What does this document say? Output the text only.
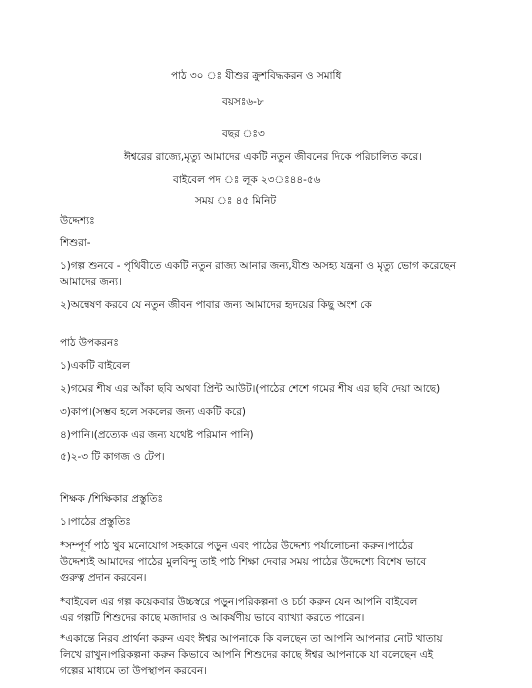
পাঠ ৩০ ◌ঃ যীশুর ক্রুশবিদ্ধকরন ও সমাধি
বয়সঃ৬-৮
বছর ঃ৩
ঈশ্বরের রাজ্যে,মৃত্যু আমাদের একটি নতুন জীবনের দিকে পরিচালিত করে।
বাইবেল পদ ◌ঃ লূক ২৩◌ঃ৪৪-৫৬
সময় ◌ঃ ৪৫ মিনিট
উদ্দেশ্যঃ
শিশুরা-
১)গল্প শুনবে - পৃথিবীতে একটি নতুন রাজ্য আনার জন্য,যীশু অসহ্য যন্ত্রনা ও মৃত্যু ভোগ করেছেন
আমাদের জন্য।
২)অন্বেষণ করবে যে নতুন জীবন পাবার জন্য আমাদের হৃদয়ের কিছু অংশ কে
পাঠ উপকরনঃ
১)একটি বাইবেল
২)গমের শীষ এর আঁকা ছবি অথবা প্রিন্ট আউট।(পাঠের শেশে গমের শীষ এর ছবি দেয়া আছে)
৩)কাপ।(সম্ভব হলে সকলের জন্য একটি করে)
৪)পানি।(প্রত্যেক এর জন্য যথেষ্ট পরিমান পানি)
৫)২-৩ টি কাগজ ও টেপ।
শিক্ষক /শিক্ষিকার প্রস্তুতিঃ
১।পাঠের প্রস্তুতিঃ
*সম্পূর্ণ পাঠ খুব মনোযোগ সহকারে পড়ুন এবং পাঠের উদ্দেশ্য পর্যালোচনা করুন।পাঠের
উদ্দেশ্যই আমাদের পাঠের মুলবিন্দু তাই পাঠ শিক্ষা দেবার সময় পাঠের উদ্দেশ্যে বিশেষ ভাবে
গুরুত্ব প্রদান করবেন।
*বাইবেল এর গল্প কয়েকবার উচ্চস্বরে পড়ুন।পরিকল্পনা ও চর্চা করুন যেন আপনি বাইবেল
এর গল্পটি শিশুদের কাছে মজাদার ও আকর্ষণীয় ভাবে ব্যাখ্যা করতে পারেন।
*একান্তে নিরব প্রার্থনা করুন এবং ঈশ্বর আপনাকে কি বলছেন তা আপনি আপনার নোট খাতায়
লিখে রাখুন।পরিকল্পনা করুন কিভাবে আপনি শিশুদের কাছে ঈশ্বর আপনাকে যা বলেছেন এই
গল্পের মাধ্যমে তা উপস্থাপন করবেন।
